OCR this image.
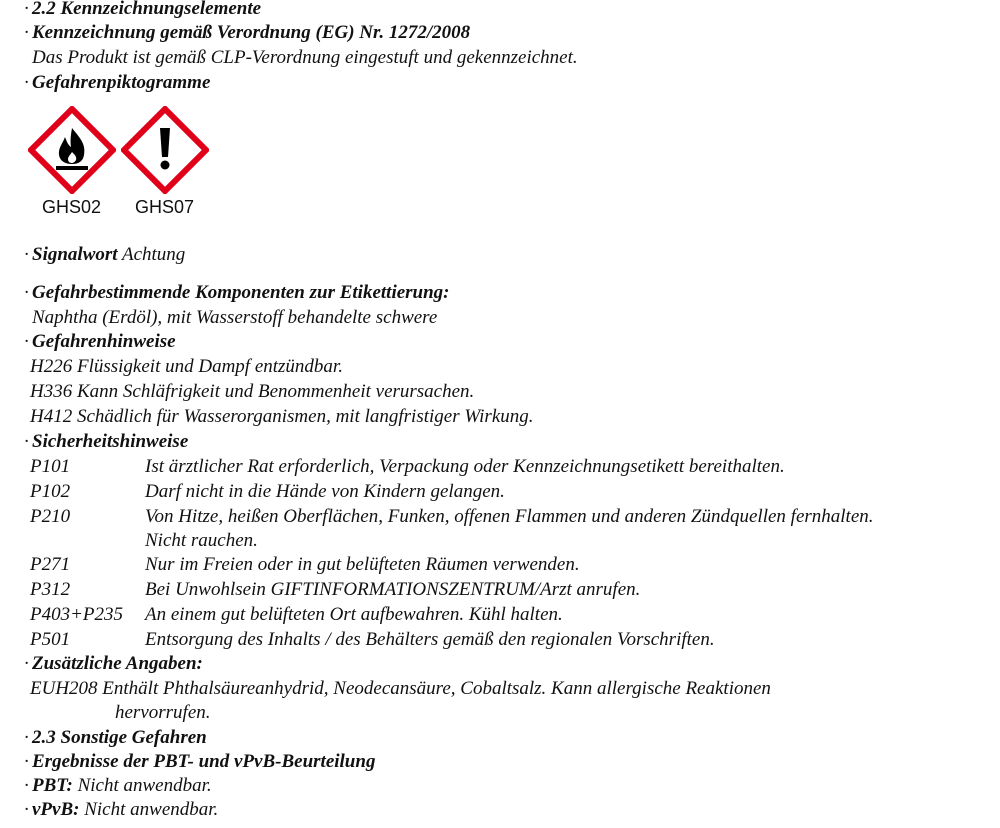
·
·
·
·
·
·
·
·
·
·
·
·
2.2 Kennzeichnungselemente
Kennzeichnung gemäß Verordnung (EG) Nr. 1272/2008
Das Produkt ist gemäß CLP-Verordnung eingestuft und gekennzeichnet.
Gefahrenpiktogramme
GHS02 GHS07
Signalwort Achtung
Gefahrbestimmende Komponenten zur Etikettierung:
Naphtha (Erdöl), mit Wasserstoff behandelte schwere
Gefahrenhinweise
H226 Flüssigkeit und Dampf entzündbar.
H336 Kann Schläfrigkeit und Benommenheit verursachen.
H412 Schädlich für Wasserorganismen, mit langfristiger Wirkung.
Sicherheitshinweise
P101	Ist ärztlicher Rat erforderlich, Verpackung oder Kennzeichnungsetikett bereithalten.
P102	Darf nicht in die Hände von Kindern gelangen.
P210	Von Hitze, heißen Oberflächen, Funken, offenen Flammen und anderen Zündquellen fernhalten.
Nicht rauchen.
P271	Nur im Freien oder in gut belüfteten Räumen verwenden.
P312	Bei Unwohlsein GIFTINFORMATIONSZENTRUM/Arzt anrufen.
P403+P235 An einem gut belüfteten Ort aufbewahren. Kühl halten.
P501	Entsorgung des Inhalts / des Behälters gemäß den regionalen Vorschriften.
Zusätzliche Angaben:
EUH208 Enthält Phthalsäureanhydrid, Neodecansäure, Cobaltsalz. Kann allergische Reaktionen
hervorrufen.
2.3 Sonstige Gefahren
Ergebnisse der PBT- und vPvB-Beurteilung
PBT: Nicht anwendbar.
vPvB: Nicht anwendbar.
